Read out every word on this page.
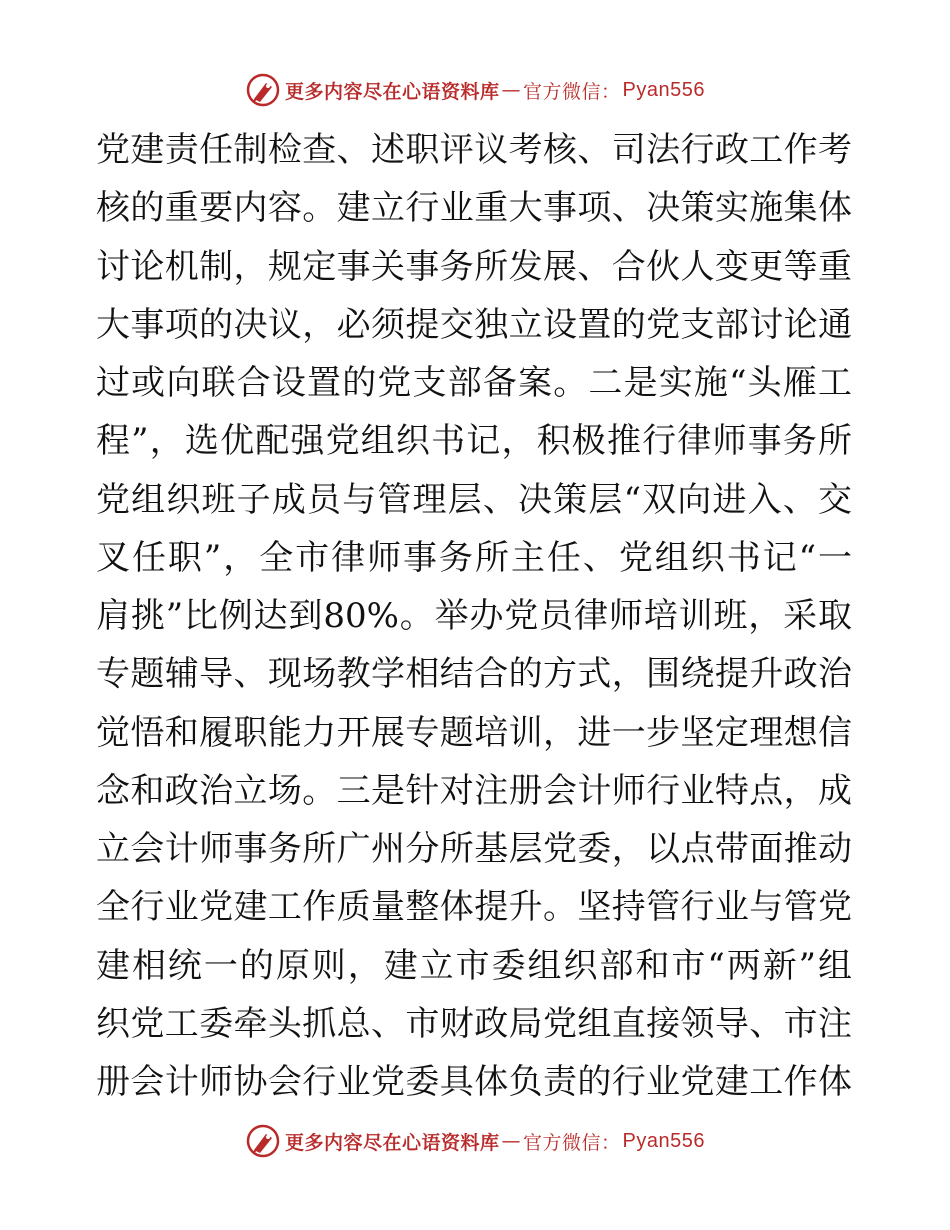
更多内容尽在心语资料库 — 官方微信： Pyan556
党建责任制检查、述职评议考核、司法行政工作考
核的重要内容。建立行业重大事项、决策实施集体
讨论机制，规定事关事务所发展、合伙人变更等重
大事项的决议，必须提交独立设置的党支部讨论通
过或向联合设置的党支部备案。二是实施“头雁工
程”，选优配强党组织书记，积极推行律师事务所
党组织班子成员与管理层、决策层“双向进入、交
叉任职”，全市律师事务所主任、党组织书记“一
肩挑”比例达到80%。举办党员律师培训班，采取
专题辅导、现场教学相结合的方式，围绕提升政治
觉悟和履职能力开展专题培训，进一步坚定理想信
念和政治立场。三是针对注册会计师行业特点，成
立会计师事务所广州分所基层党委，以点带面推动
全行业党建工作质量整体提升。坚持管行业与管党
建相统一的原则，建立市委组织部和市“两新”组
织党工委牵头抓总、市财政局党组直接领导、市注
册会计师协会行业党委具体负责的行业党建工作体
更多内容尽在心语资料库 — 官方微信： Pyan556
